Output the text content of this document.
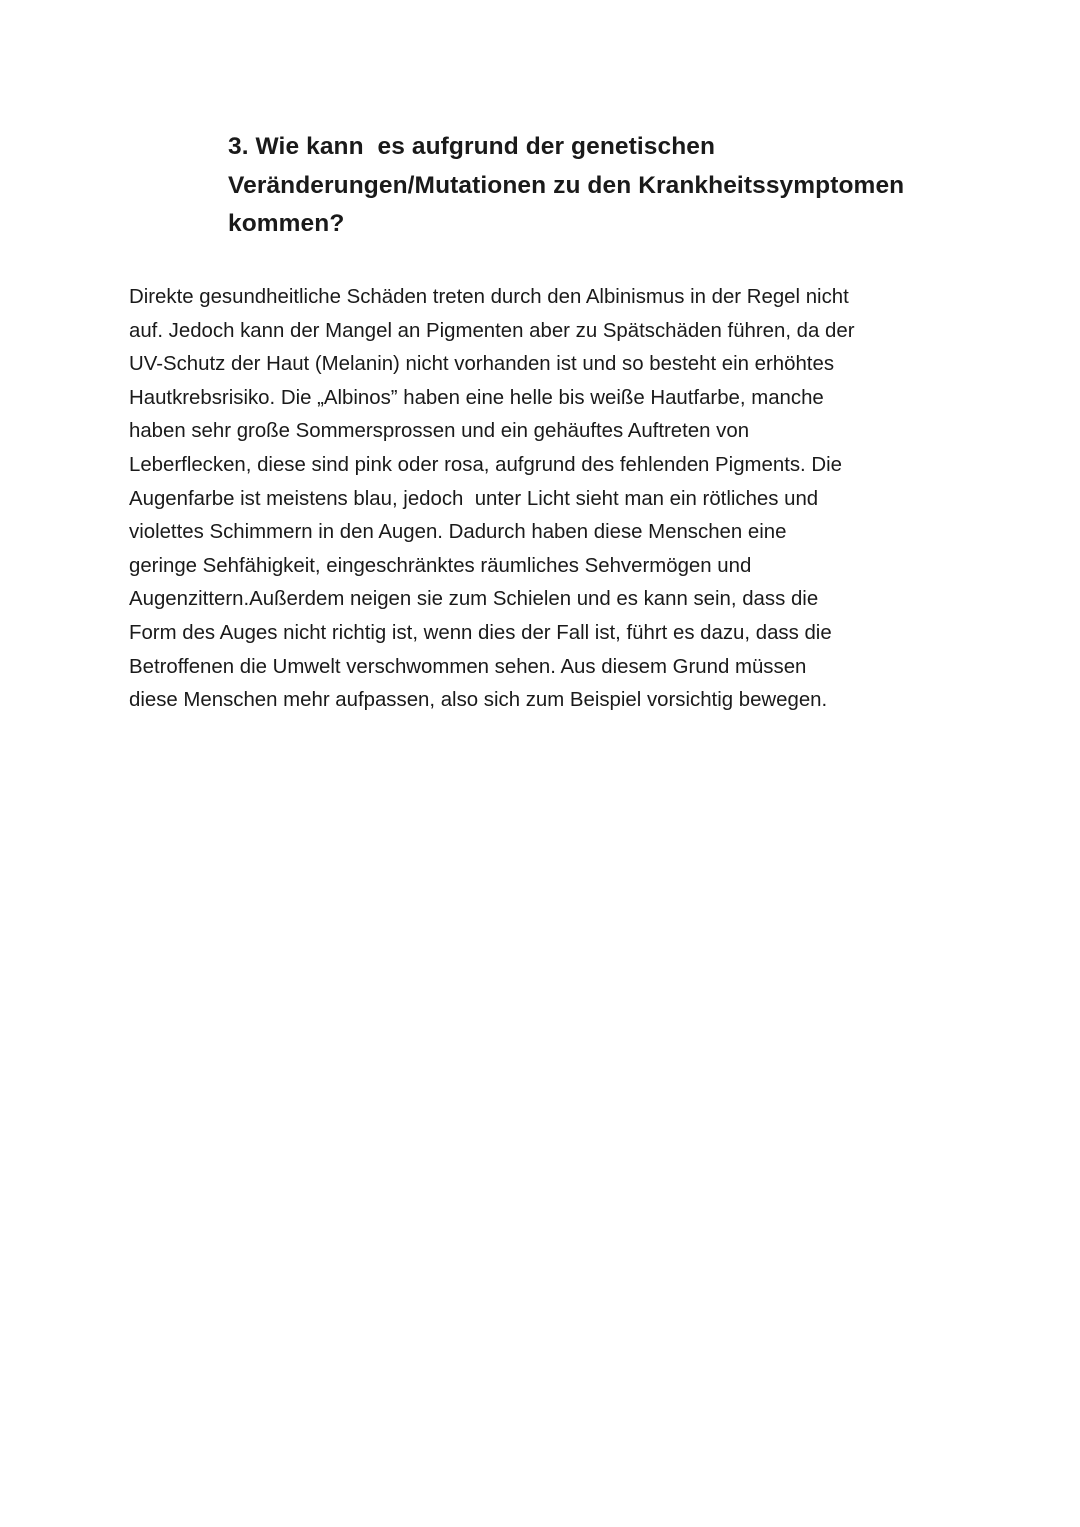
3. Wie kann  es aufgrund der genetischen
Veränderungen/Mutationen zu den Krankheitssymptomen
kommen?

Direkte gesundheitliche Schäden treten durch den Albinismus in der Regel nicht
auf. Jedoch kann der Mangel an Pigmenten aber zu Spätschäden führen, da der
UV-Schutz der Haut (Melanin) nicht vorhanden ist und so besteht ein erhöhtes
Hautkrebsrisiko. Die „Albinos” haben eine helle bis weiße Hautfarbe, manche
haben sehr große Sommersprossen und ein gehäuftes Auftreten von
Leberflecken, diese sind pink oder rosa, aufgrund des fehlenden Pigments. Die
Augenfarbe ist meistens blau, jedoch  unter Licht sieht man ein rötliches und
violettes Schimmern in den Augen. Dadurch haben diese Menschen eine
geringe Sehfähigkeit, eingeschränktes räumliches Sehvermögen und
Augenzittern.Außerdem neigen sie zum Schielen und es kann sein, dass die
Form des Auges nicht richtig ist, wenn dies der Fall ist, führt es dazu, dass die
Betroffenen die Umwelt verschwommen sehen. Aus diesem Grund müssen
diese Menschen mehr aufpassen, also sich zum Beispiel vorsichtig bewegen.
